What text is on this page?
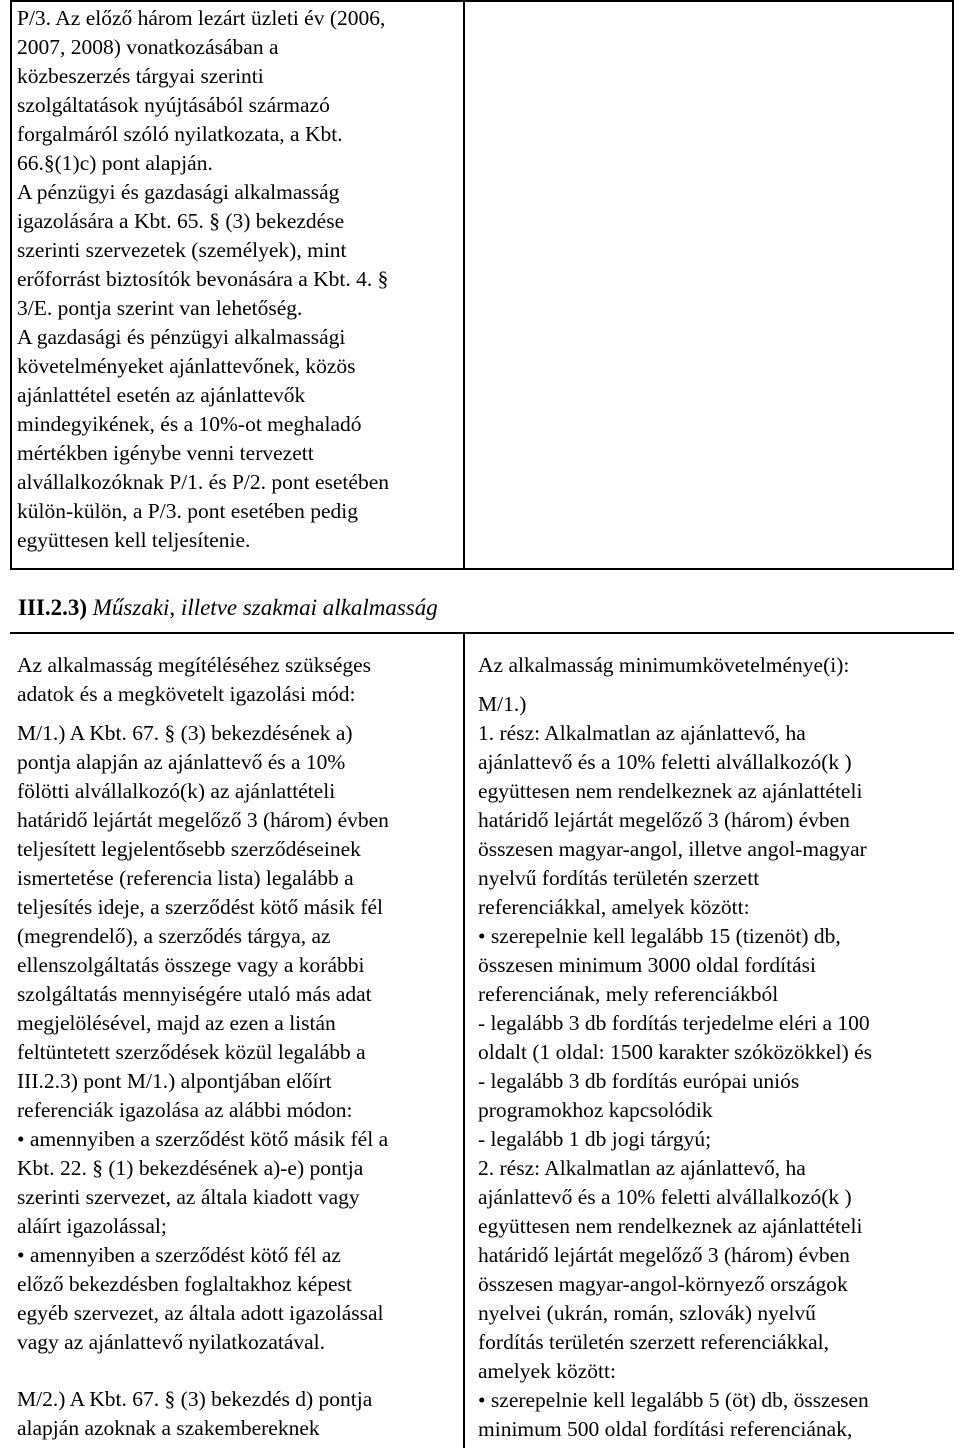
P/3. Az előző három lezárt üzleti év (2006,

2007, 2008) vonatkozásában a

közbeszerzés tárgyai szerinti

szolgáltatások nyújtásából származó

forgalmáról szóló nyilatkozata, a Kbt.

66.§(1)c) pont alapján.

A pénzügyi és gazdasági alkalmasság

igazolására a Kbt. 65. § (3) bekezdése

szerinti szervezetek (személyek), mint

erőforrást biztosítók bevonására a Kbt. 4. §

3/E. pontja szerint van lehetőség.

A gazdasági és pénzügyi alkalmassági

követelményeket ajánlattevőnek, közös

ajánlattétel esetén az ajánlattevők

mindegyikének, és a 10%-ot meghaladó

mértékben igénybe venni tervezett

alvállalkozóknak P/1. és P/2. pont esetében

külön-külön, a P/3. pont esetében pedig

együttesen kell teljesítenie.

III.2.3) Műszaki, illetve szakmai alkalmasság

Az alkalmasság megítéléséhez szükséges

adatok és a megkövetelt igazolási mód:

M/1.) A Kbt. 67. § (3) bekezdésének a)

pontja alapján az ajánlattevő és a 10%

fölötti alvállalkozó(k) az ajánlattételi

határidő lejártát megelőző 3 (három) évben

teljesített legjelentősebb szerződéseinek

ismertetése (referencia lista) legalább a

teljesítés ideje, a szerződést kötő másik fél

(megrendelő), a szerződés tárgya, az

ellenszolgáltatás összege vagy a korábbi

szolgáltatás mennyiségére utaló más adat

megjelölésével, majd az ezen a listán

feltüntetett szerződések közül legalább a

III.2.3) pont M/1.) alpontjában előírt

referenciák igazolása az alábbi módon:

• amennyiben a szerződést kötő másik fél a

Kbt. 22. § (1) bekezdésének a)-e) pontja

szerinti szervezet, az általa kiadott vagy

aláírt igazolással;

• amennyiben a szerződést kötő fél az

előző bekezdésben foglaltakhoz képest

egyéb szervezet, az általa adott igazolással

vagy az ajánlattevő nyilatkozatával.

M/2.) A Kbt. 67. § (3) bekezdés d) pontja

alapján azoknak a szakembereknek

Az alkalmasság minimumkövetelménye(i):

M/1.)

1. rész: Alkalmatlan az ajánlattevő, ha

ajánlattevő és a 10% feletti alvállalkozó(k )

együttesen nem rendelkeznek az ajánlattételi

határidő lejártát megelőző 3 (három) évben

összesen magyar-angol, illetve angol-magyar

nyelvű fordítás területén szerzett

referenciákkal, amelyek között:

• szerepelnie kell legalább 15 (tizenöt) db,

összesen minimum 3000 oldal fordítási

referenciának, mely referenciákból

- legalább 3 db fordítás terjedelme eléri a 100

oldalt (1 oldal: 1500 karakter szóközökkel) és

- legalább 3 db fordítás európai uniós

programokhoz kapcsolódik

- legalább 1 db jogi tárgyú;

2. rész: Alkalmatlan az ajánlattevő, ha

ajánlattevő és a 10% feletti alvállalkozó(k )

együttesen nem rendelkeznek az ajánlattételi

határidő lejártát megelőző 3 (három) évben

összesen magyar-angol-környező országok

nyelvei (ukrán, román, szlovák) nyelvű

fordítás területén szerzett referenciákkal,

amelyek között:

• szerepelnie kell legalább 5 (öt) db, összesen

minimum 500 oldal fordítási referenciának,
